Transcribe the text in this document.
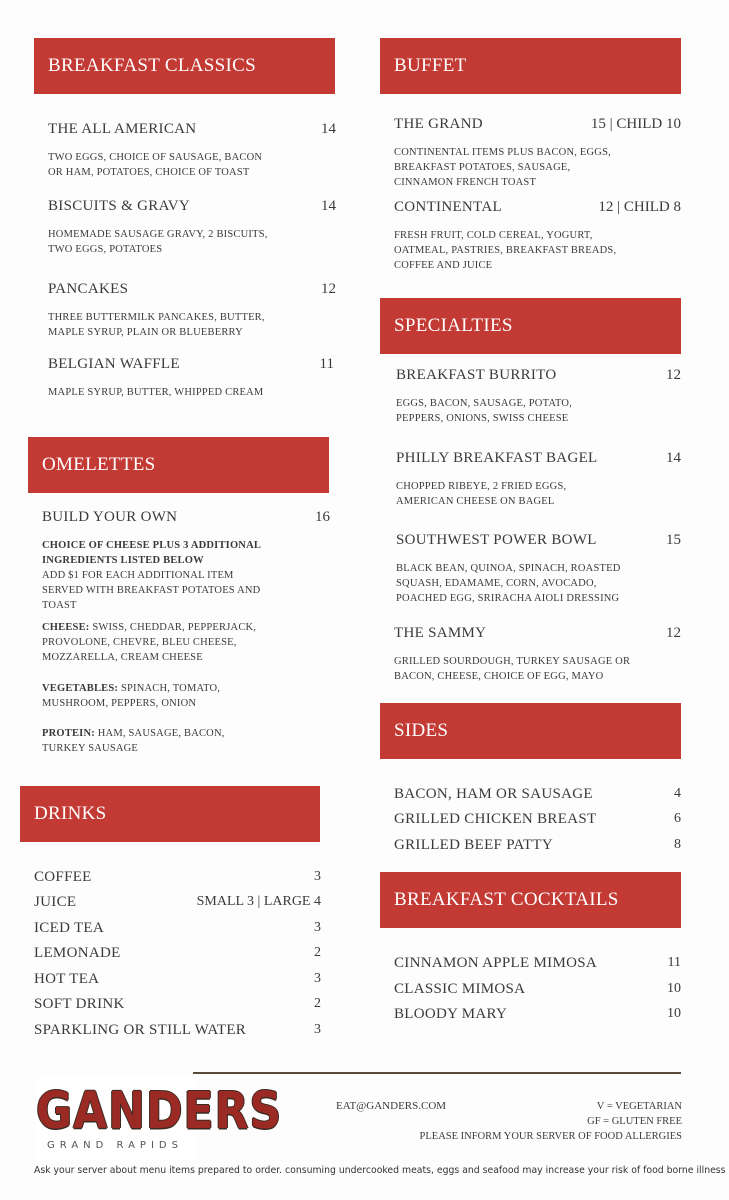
BREAKFAST CLASSICS
THE ALL AMERICAN	14
TWO EGGS, CHOICE OF SAUSAGE, BACON
OR HAM, POTATOES, CHOICE OF TOAST
BISCUITS & GRAVY	14
HOMEMADE SAUSAGE GRAVY, 2 BISCUITS,
TWO EGGS, POTATOES
PANCAKES	12
THREE BUTTERMILK PANCAKES, BUTTER,
MAPLE SYRUP, PLAIN OR BLUEBERRY
BELGIAN WAFFLE	11
MAPLE SYRUP, BUTTER, WHIPPED CREAM
OMELETTES
BUILD YOUR OWN	16
CHOICE OF CHEESE PLUS 3 ADDITIONAL
INGREDIENTS LISTED BELOW
ADD $1 FOR EACH ADDITIONAL ITEM
SERVED WITH BREAKFAST POTATOES AND
TOAST
CHEESE: SWISS, CHEDDAR, PEPPERJACK,
PROVOLONE, CHEVRE, BLEU CHEESE,
MOZZARELLA, CREAM CHEESE
VEGETABLES: SPINACH, TOMATO,
MUSHROOM, PEPPERS, ONION
PROTEIN: HAM, SAUSAGE, BACON,
TURKEY SAUSAGE
DRINKS
COFFEE	3
JUICE	SMALL 3 | LARGE 4
ICED TEA	3
LEMONADE	2
HOT TEA	3
SOFT DRINK	2
SPARKLING OR STILL WATER	3
BUFFET
THE GRAND	15 | CHILD 10
CONTINENTAL ITEMS PLUS BACON, EGGS,
BREAKFAST POTATOES, SAUSAGE,
CINNAMON FRENCH TOAST
CONTINENTAL	12 | CHILD 8
FRESH FRUIT, COLD CEREAL, YOGURT,
OATMEAL, PASTRIES, BREAKFAST BREADS,
COFFEE AND JUICE
SPECIALTIES
BREAKFAST BURRITO	12
EGGS, BACON, SAUSAGE, POTATO,
PEPPERS, ONIONS, SWISS CHEESE
PHILLY BREAKFAST BAGEL	14
CHOPPED RIBEYE, 2 FRIED EGGS,
AMERICAN CHEESE ON BAGEL
SOUTHWEST POWER BOWL	15
BLACK BEAN, QUINOA, SPINACH, ROASTED
SQUASH, EDAMAME, CORN, AVOCADO,
POACHED EGG, SRIRACHA AIOLI DRESSING
THE SAMMY	12
GRILLED SOURDOUGH, TURKEY SAUSAGE OR
BACON, CHEESE, CHOICE OF EGG, MAYO
SIDES
BACON, HAM OR SAUSAGE	4
GRILLED CHICKEN BREAST	6
GRILLED BEEF PATTY	8
BREAKFAST COCKTAILS
CINNAMON APPLE MIMOSA	11
CLASSIC MIMOSA	10
BLOODY MARY	10
GANDERS
GRAND RAPIDS
EAT@GANDERS.COM	V = VEGETARIAN
GF = GLUTEN FREE
PLEASE INFORM YOUR SERVER OF FOOD ALLERGIES
Ask your server about menu items prepared to order. consuming undercooked meats, eggs and seafood may increase your risk of food borne illness
